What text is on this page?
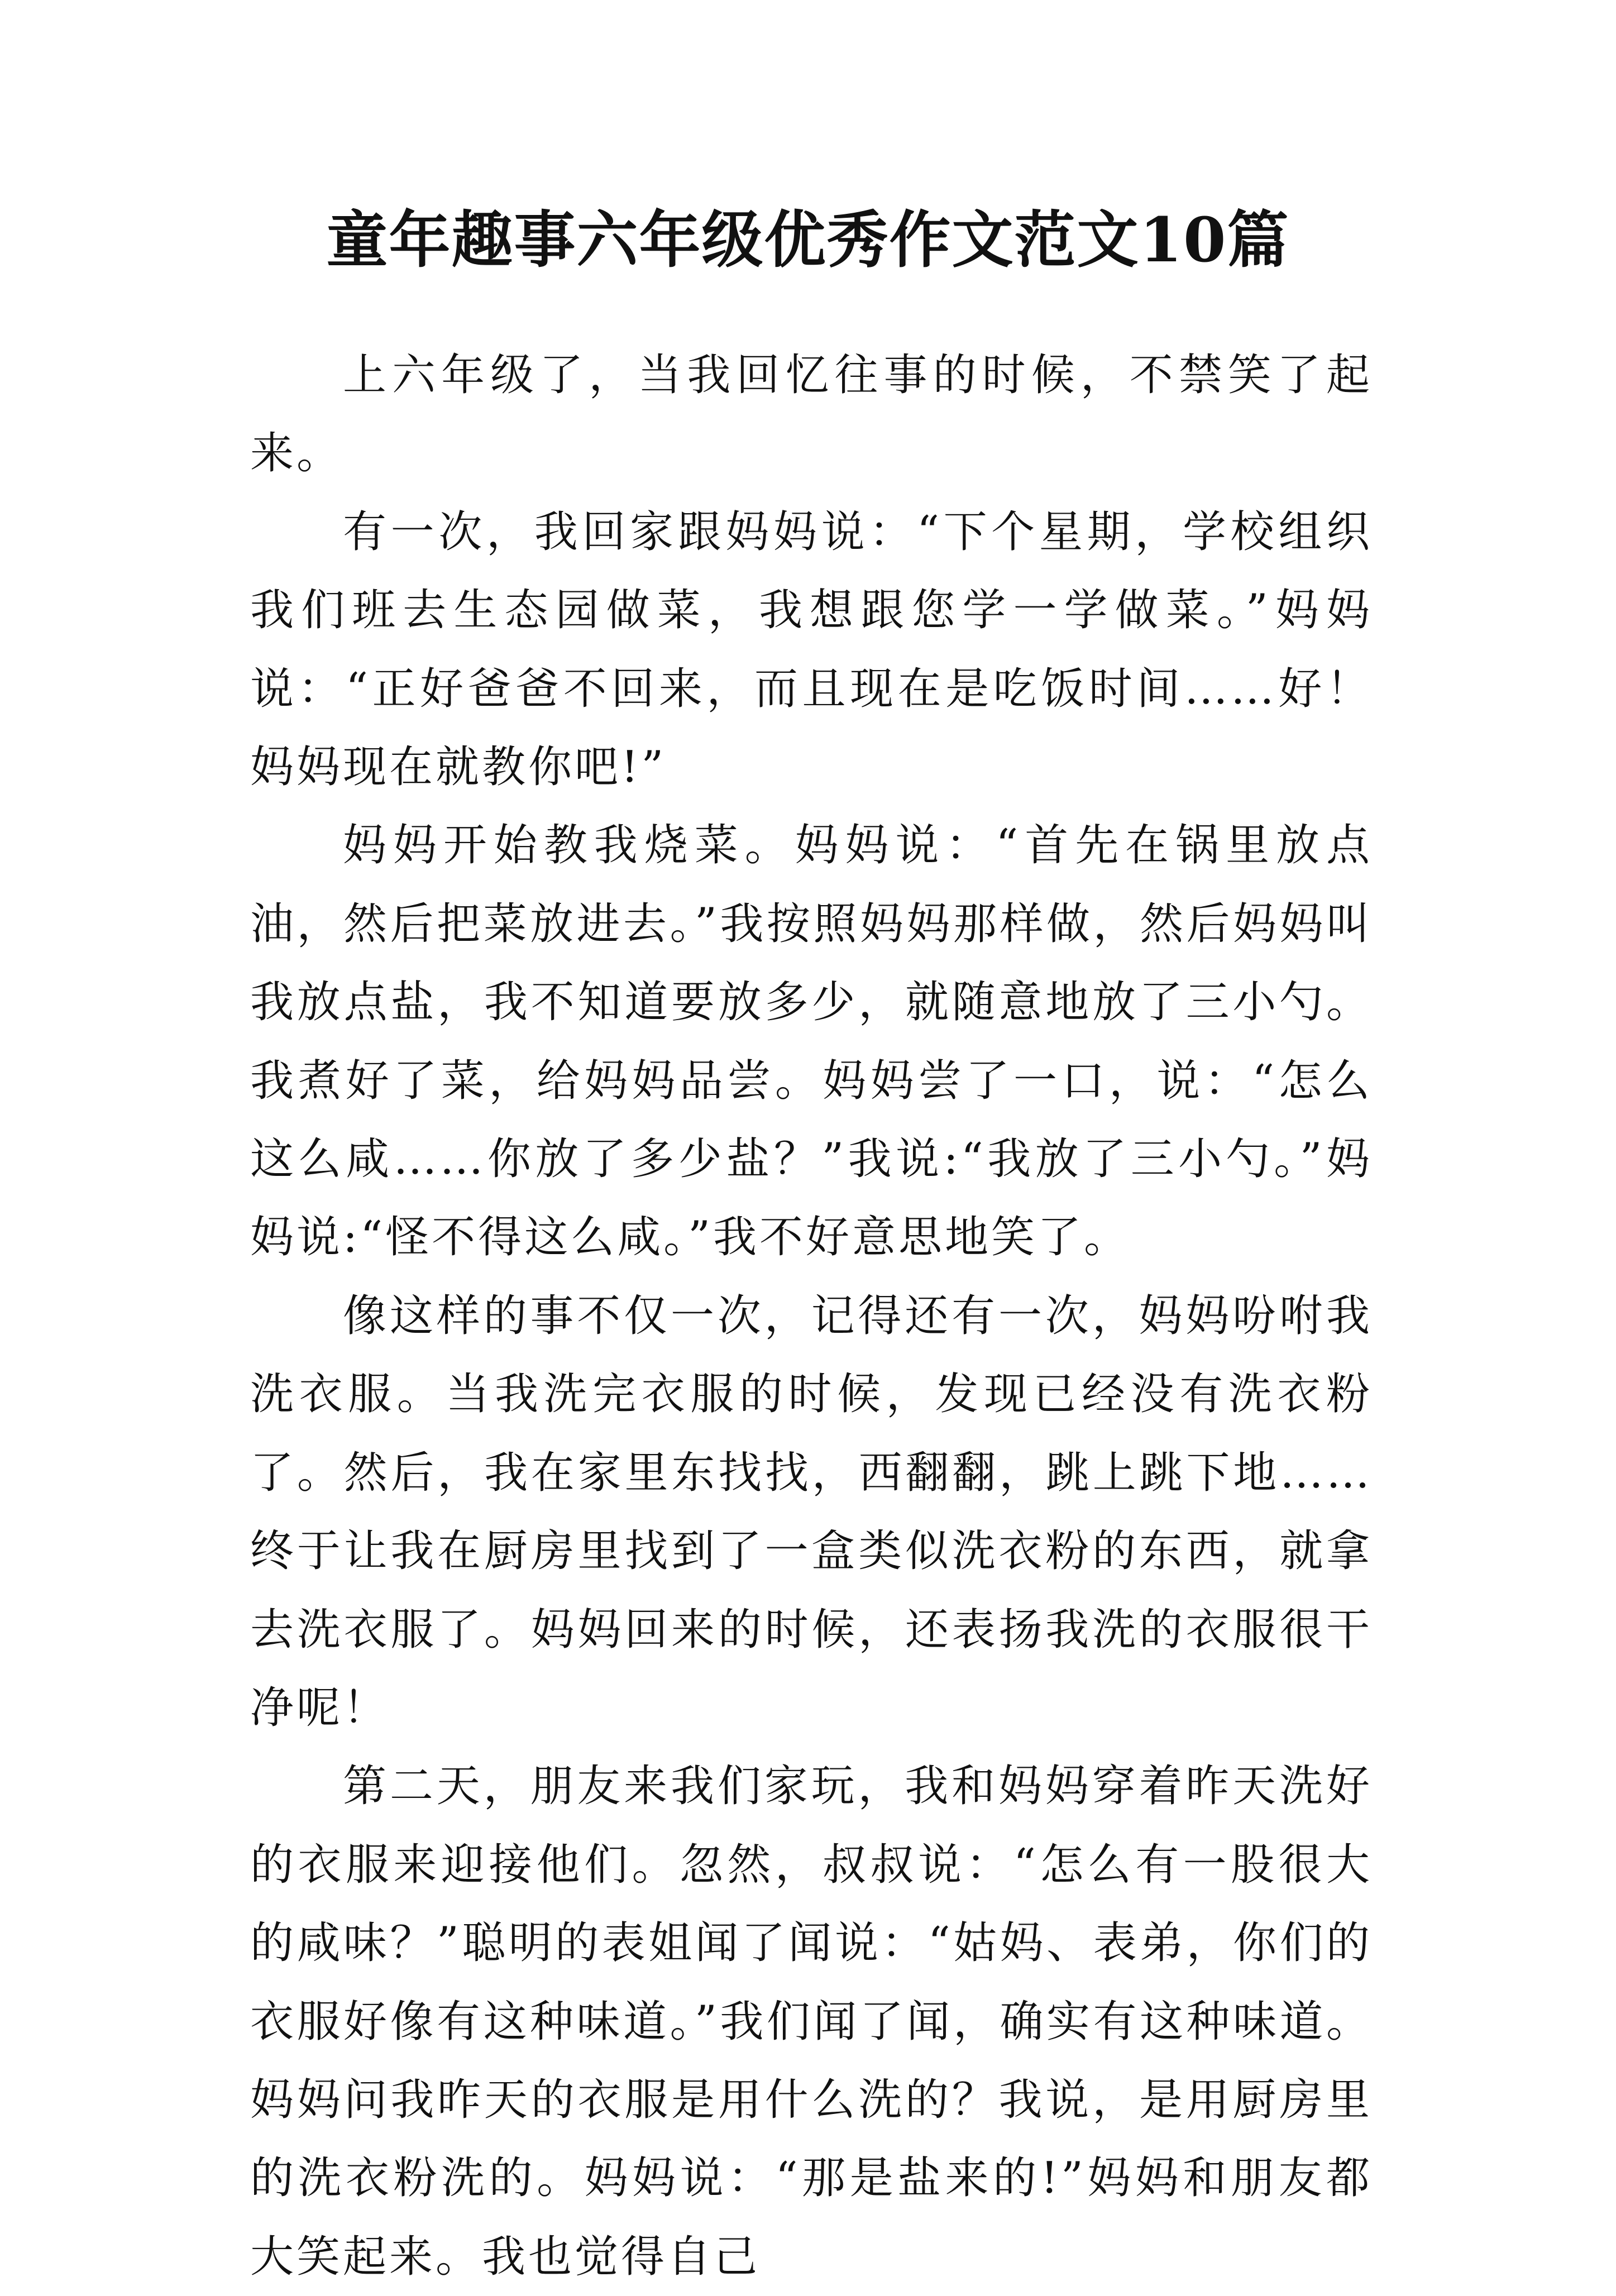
童年趣事六年级优秀作文范文10篇

上六年级了，当我回忆往事的时候，不禁笑了起来。

有一次，我回家跟妈妈说：“下个星期，学校组织我们班去生态园做菜，我想跟您学一学做菜。”妈妈说：“正好爸爸不回来，而且现在是吃饭时间……好！妈妈现在就教你吧!”

妈妈开始教我烧菜。妈妈说：“首先在锅里放点油，然后把菜放进去。”我按照妈妈那样做，然后妈妈叫我放点盐，我不知道要放多少，就随意地放了三小勺。我煮好了菜，给妈妈品尝。妈妈尝了一口，说：“怎么这么咸……你放了多少盐？”我说:“我放了三小勺。”妈妈说:“怪不得这么咸。”我不好意思地笑了。

像这样的事不仅一次，记得还有一次，妈妈吩咐我洗衣服。当我洗完衣服的时候，发现已经没有洗衣粉了。然后，我在家里东找找，西翻翻，跳上跳下地……终于让我在厨房里找到了一盒类似洗衣粉的东西，就拿去洗衣服了。妈妈回来的时候，还表扬我洗的衣服很干净呢！

第二天，朋友来我们家玩，我和妈妈穿着昨天洗好的衣服来迎接他们。忽然，叔叔说：“怎么有一股很大的咸味？”聪明的表姐闻了闻说：“姑妈、表弟，你们的衣服好像有这种味道。”我们闻了闻，确实有这种味道。妈妈问我昨天的衣服是用什么洗的？我说，是用厨房里的洗衣粉洗的。妈妈说：“那是盐来的!”妈妈和朋友都大笑起来。我也觉得自己
